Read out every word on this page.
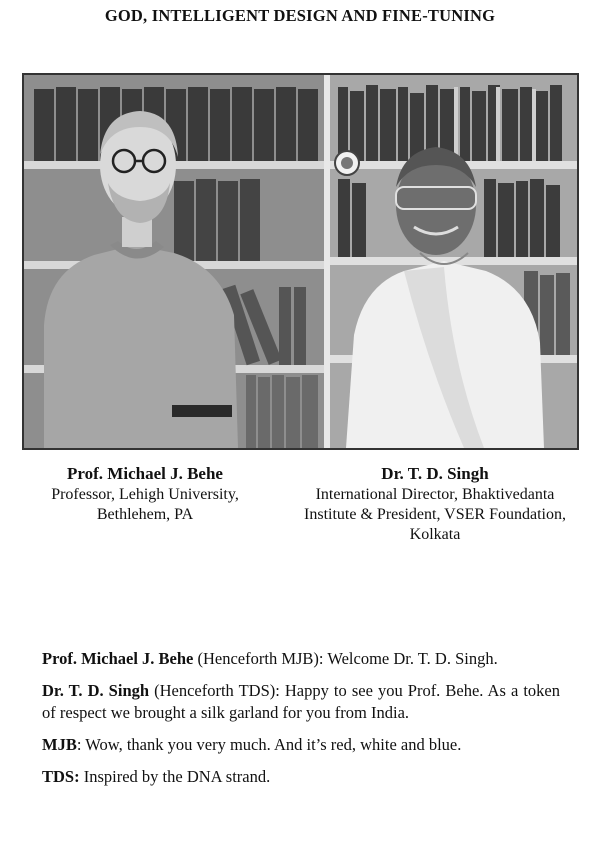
GOD, INTELLIGENT DESIGN AND FINE-TUNING
Prof. Michael J. Behe
Professor, Lehigh University,
Bethlehem, PA
Dr. T. D. Singh
International Director, Bhaktivedanta
Institute & President, VSER Foundation,
Kolkata

Prof. Michael J. Behe (Henceforth MJB): Welcome Dr. T. D. Singh.

Dr. T. D. Singh (Henceforth TDS): Happy to see you Prof. Behe. As a token of respect we brought a silk garland for you from India.

MJB: Wow, thank you very much. And it’s red, white and blue.

TDS: Inspired by the DNA strand.
